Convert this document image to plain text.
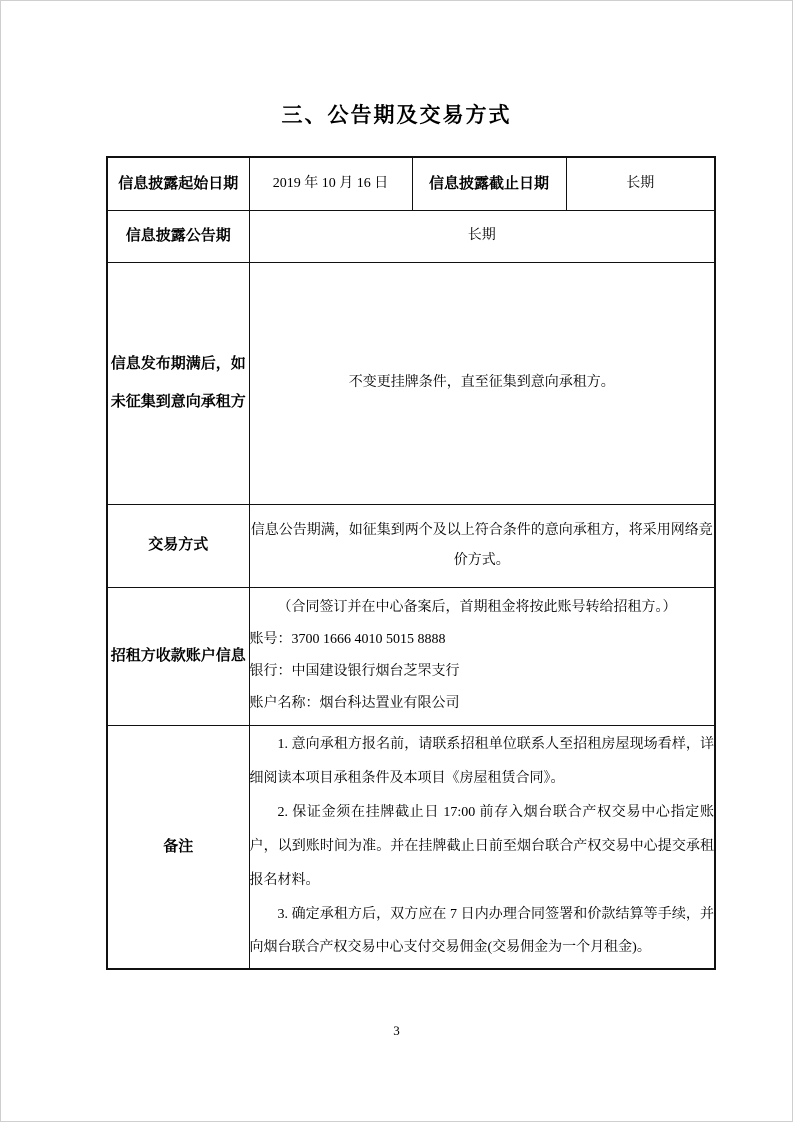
三、公告期及交易方式
信息披露起始日期	2019 年 10 月 16 日	信息披露截止日期	长期
信息披露公告期	长期		
信息发布期满后，如未征集到意向承租方	不变更挂牌条件，直至征集到意向承租方。		
交易方式	信息公告期满，如征集到两个及以上符合条件的意向承租方，将采用网络竞价方式。		
招租方收款账户信息	（合同签订并在中心备案后，首期租金将按此账号转给招租方。）

账号：3700 1666 4010 5015 8888

银行：中国建设银行烟台芝罘支行

账户名称：烟台科达置业有限公司		

备注	1. 意向承租方报名前，请联系招租单位联系人至招租房屋现场看样，详细阅读本项目承租条件及本项目《房屋租赁合同》。

2. 保证金须在挂牌截止日 17:00 前存入烟台联合产权交易中心指定账户，以到账时间为准。并在挂牌截止日前至烟台联合产权交易中心提交承租报名材料。

3. 确定承租方后，双方应在 7 日内办理合同签署和价款结算等手续，并向烟台联合产权交易中心支付交易佣金(交易佣金为一个月租金)。		

3
